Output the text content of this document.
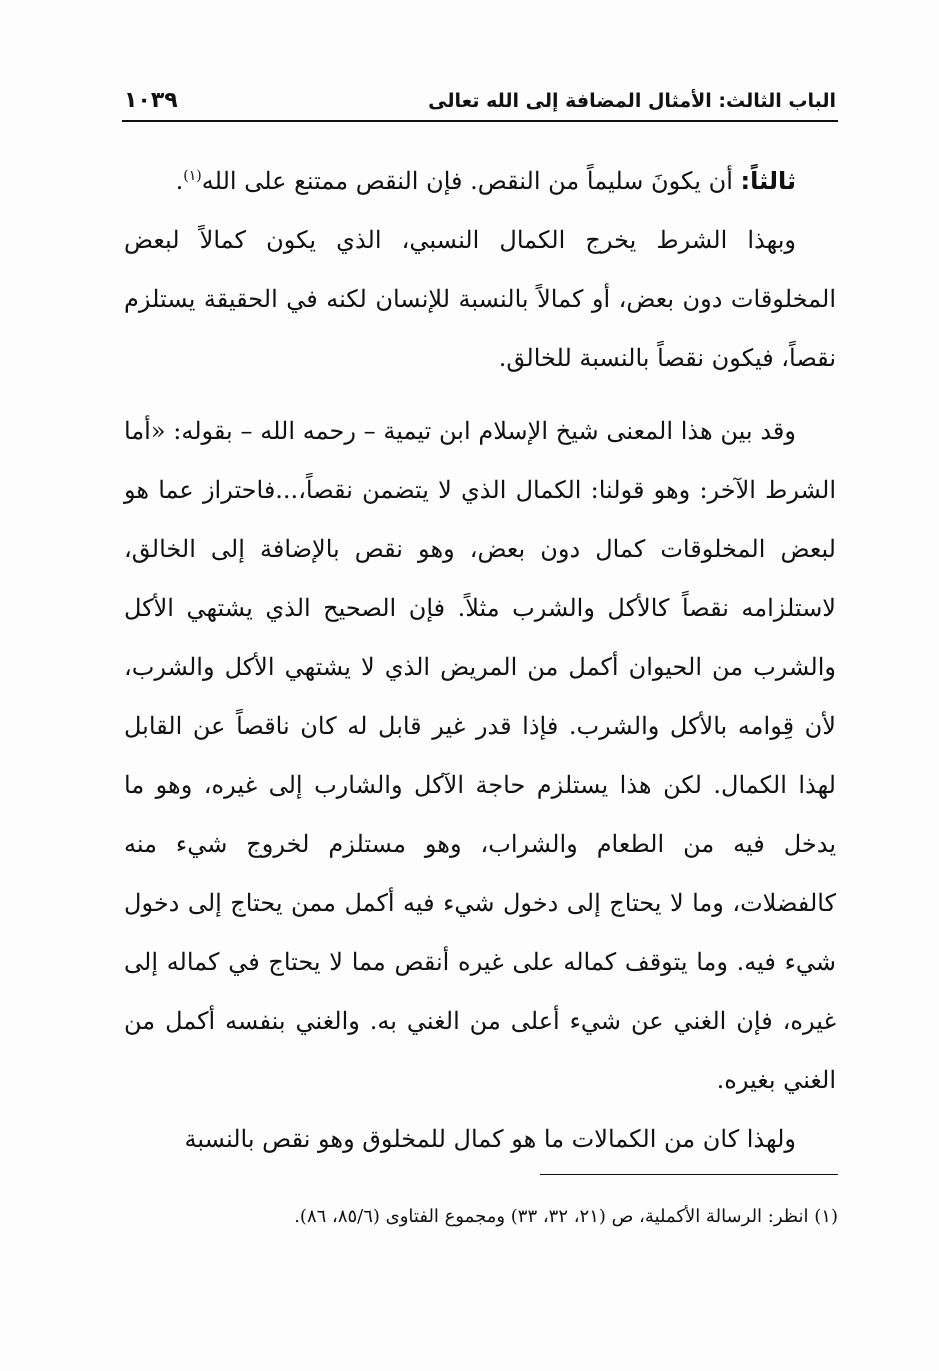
الباب الثالث: الأمثال المضافة إلى الله تعالى
١٠٣٩

ثالثاً: أن يكونَ سليماً من النقص. فإن النقص ممتنع على الله$^{(١)}$.

وبهذا الشرط يخرج الكمال النسبي، الذي يكون كمالاً لبعض المخلوقات دون بعض، أو كمالاً بالنسبة للإنسان لكنه في الحقيقة يستلزم نقصاً، فيكون نقصاً بالنسبة للخالق.

وقد بين هذا المعنى شيخ الإسلام ابن تيمية – رحمه الله – بقوله: «أما الشرط الآخر: وهو قولنا: الكمال الذي لا يتضمن نقصاً،...فاحتراز عما هو لبعض المخلوقات كمال دون بعض، وهو نقص بالإضافة إلى الخالق، لاستلزامه نقصاً كالأكل والشرب مثلاً. فإن الصحيح الذي يشتهي الأكل والشرب من الحيوان أكمل من المريض الذي لا يشتهي الأكل والشرب، لأن قِوامه بالأكل والشرب. فإذا قدر غير قابل له كان ناقصاً عن القابل لهذا الكمال. لكن هذا يستلزم حاجة الآكل والشارب إلى غيره، وهو ما يدخل فيه من الطعام والشراب، وهو مستلزم لخروج شيء منه كالفضلات، وما لا يحتاج إلى دخول شيء فيه أكمل ممن يحتاج إلى دخول شيء فيه. وما يتوقف كماله على غيره أنقص مما لا يحتاج في كماله إلى غيره، فإن الغني عن شيء أعلى من الغني به. والغني بنفسه أكمل من الغني بغيره.

ولهذا كان من الكمالات ما هو كمال للمخلوق وهو نقص بالنسبة

(١) انظر: الرسالة الأكملية، ص (٢١، ٣٢، ٣٣) ومجموع الفتاوى (٨٥/٦، ٨٦).
